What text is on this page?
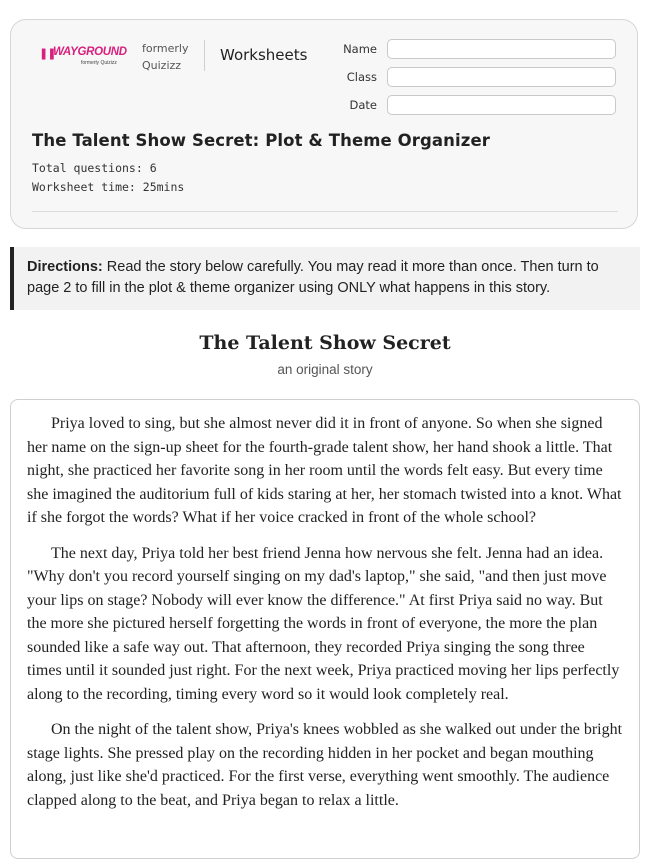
❚❚
WAYGROUND
formerly Quizizz
formerly
Quizizz
Worksheets	Name
Class
Date
The Talent Show Secret: Plot & Theme Organizer
Total questions: 6
Worksheet time: 25mins
Directions: Read the story below carefully. You may read it more than once. Then turn to page 2 to fill in the plot & theme organizer using ONLY what happens in this story.
The Talent Show Secret
an original story

Priya loved to sing, but she almost never did it in front of anyone. So when she signed her name on the sign-up sheet for the fourth-grade talent show, her hand shook a little. That night, she practiced her favorite song in her room until the words felt easy. But every time she imagined the auditorium full of kids staring at her, her stomach twisted into a knot. What if she forgot the words? What if her voice cracked in front of the whole school?

The next day, Priya told her best friend Jenna how nervous she felt. Jenna had an idea. "Why don't you record yourself singing on my dad's laptop," she said, "and then just move your lips on stage? Nobody will ever know the difference." At first Priya said no way. But the more she pictured herself forgetting the words in front of everyone, the more the plan sounded like a safe way out. That afternoon, they recorded Priya singing the song three times until it sounded just right. For the next week, Priya practiced moving her lips perfectly along to the recording, timing every word so it would look completely real.

On the night of the talent show, Priya's knees wobbled as she walked out under the bright stage lights. She pressed play on the recording hidden in her pocket and began mouthing along, just like she'd practiced. For the first verse, everything went smoothly. The audience clapped along to the beat, and Priya began to relax a little.
